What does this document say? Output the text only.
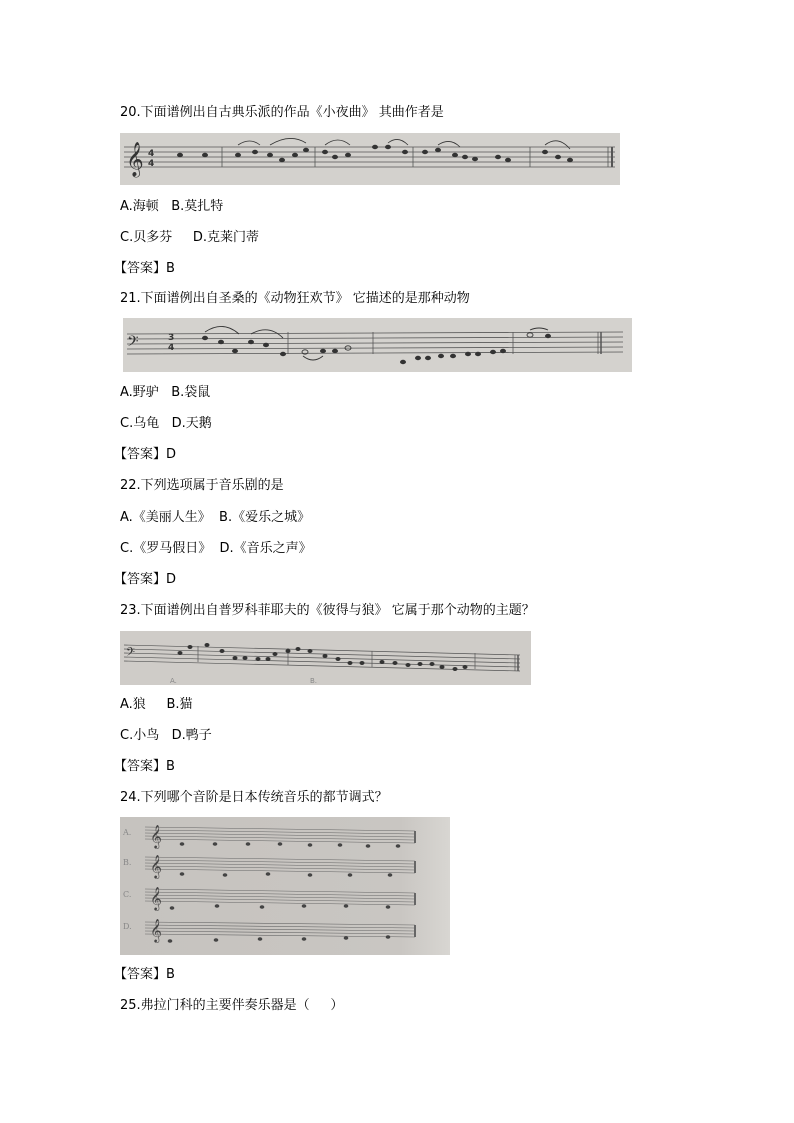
20.下面谱例出自古典乐派的作品《小夜曲》 其曲作者是
𝄞 4
4
A.海顿   B.莫扎特
C.贝多芬     D.克莱门蒂
【答案】B
21.下面谱例出自圣桑的《动物狂欢节》 它描述的是那种动物
𝄢	3
4
A.野驴   B.袋鼠
C.乌龟   D.天鹅
【答案】D
22.下列选项属于音乐剧的是
A.《美丽人生》  B.《爱乐之城》
C.《罗马假日》  D.《音乐之声》
【答案】D
23.下面谱例出自普罗科菲耶夫的《彼得与狼》 它属于那个动物的主题？
𝄢
A.	B.
A.狼     B.猫
C.小鸟   D.鸭子
【答案】B
24.下列哪个音阶是日本传统音乐的都节调式？
A.
B.
C.
D.
𝄞
𝄞
𝄞
𝄞
【答案】B
25.弗拉门科的主要伴奏乐器是（     ）
